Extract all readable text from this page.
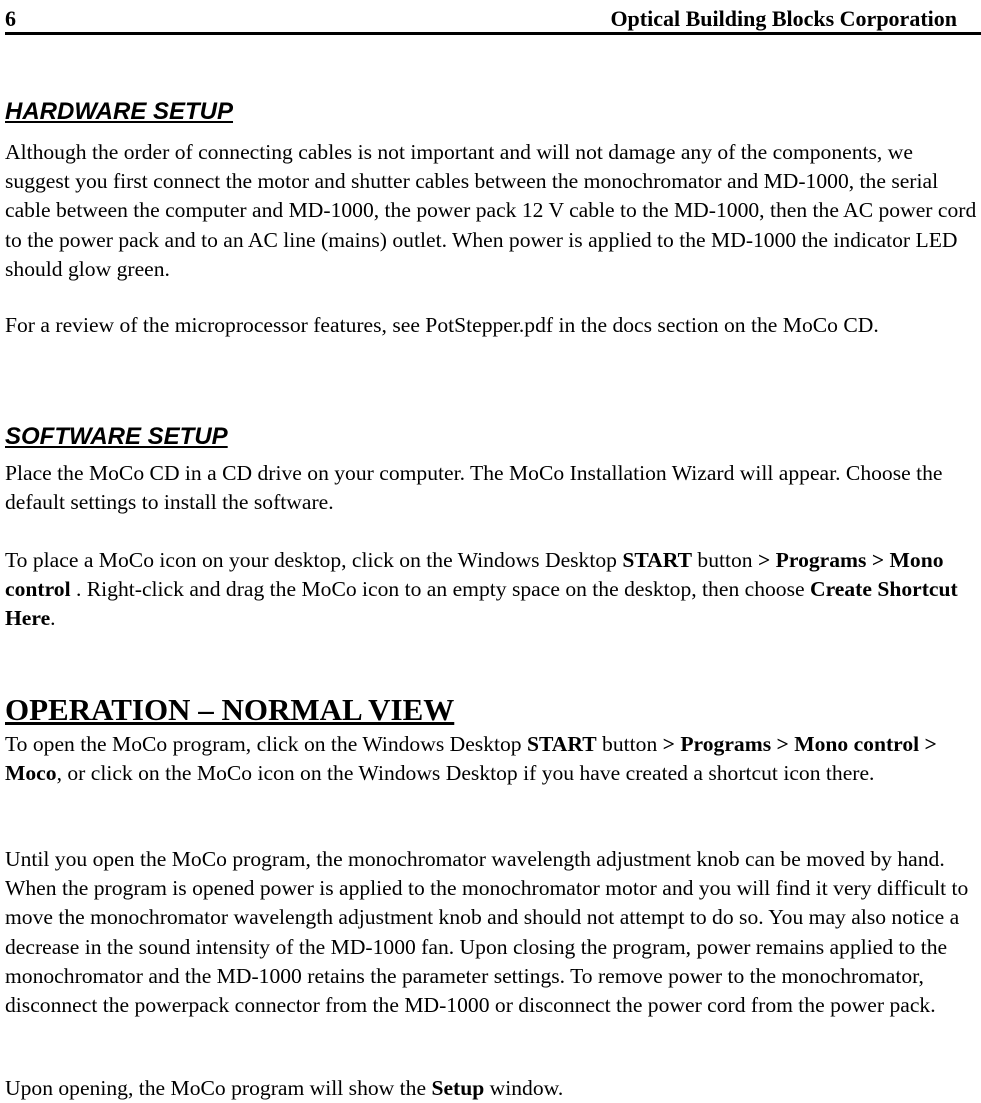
6	Optical Building Blocks Corporation
HARDWARE SETUP

Although the order of connecting cables is not important and will not damage any of the components, we suggest you first connect the motor and shutter cables between the monochromator and MD-1000, the serial cable between the computer and MD-1000, the power pack 12 V cable to the MD-1000, then the AC power cord to the power pack and to an AC line (mains) outlet. When power is applied to the MD-1000 the indicator LED should glow green.

For a review of the microprocessor features, see PotStepper.pdf in the docs section on the MoCo CD.

SOFTWARE SETUP

Place the MoCo CD in a CD drive on your computer. The MoCo Installation Wizard will appear. Choose the default settings to install the software.

To place a MoCo icon on your desktop, click on the Windows Desktop START button > Programs > Mono control . Right-click and drag the MoCo icon to an empty space on the desktop, then choose Create Shortcut Here.

OPERATION – NORMAL VIEW

To open the MoCo program, click on the Windows Desktop START button > Programs > Mono control > Moco, or click on the MoCo icon on the Windows Desktop if you have created a shortcut icon there.

Until you open the MoCo program, the monochromator wavelength adjustment knob can be moved by hand. When the program is opened power is applied to the monochromator motor and you will find it very difficult to move the monochromator wavelength adjustment knob and should not attempt to do so. You may also notice a decrease in the sound intensity of the MD-1000 fan. Upon closing the program, power remains applied to the monochromator and the MD-1000 retains the parameter settings. To remove power to the monochromator, disconnect the powerpack connector from the MD-1000 or disconnect the power cord from the power pack.

Upon opening, the MoCo program will show the Setup window.
